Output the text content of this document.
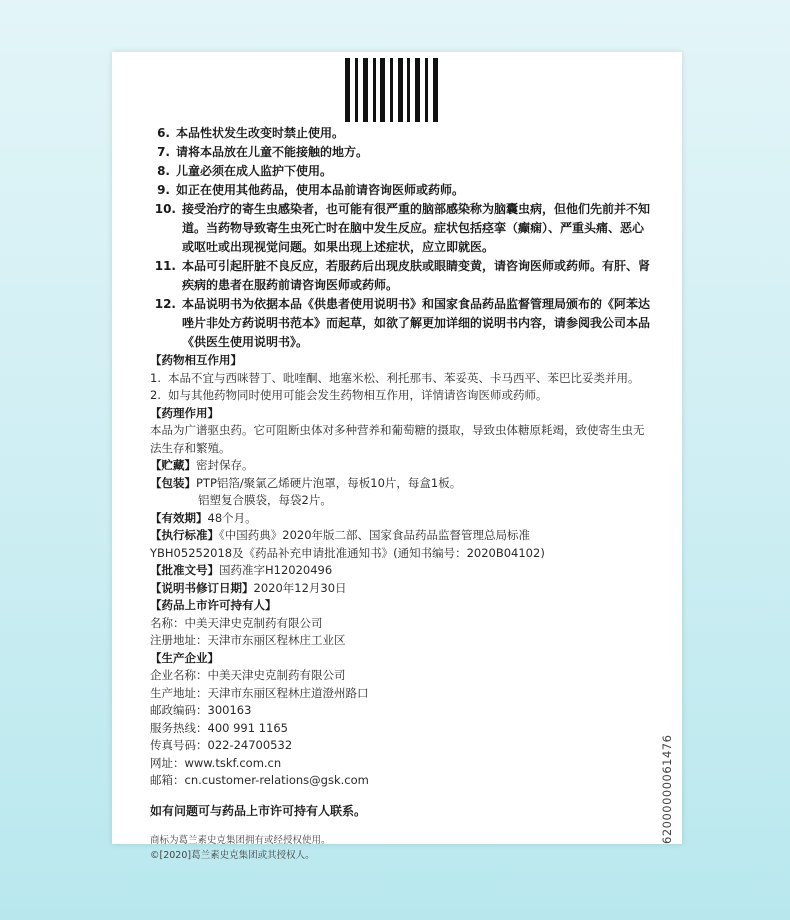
62000000061476
6. 本品性状发生改变时禁止使用。
7. 请将本品放在儿童不能接触的地方。
8. 儿童必须在成人监护下使用。
9. 如正在使用其他药品，使用本品前请咨询医师或药师。
10. 接受治疗的寄生虫感染者，也可能有很严重的脑部感染称为脑囊虫病，但他们先前并不知道。当药物导致寄生虫死亡时在脑中发生反应。症状包括痉挛（癫痫）、严重头痛、恶心或呕吐或出现视觉问题。如果出现上述症状，应立即就医。
11. 本品可引起肝脏不良反应，若服药后出现皮肤或眼睛变黄，请咨询医师或药师。有肝、肾疾病的患者在服药前请咨询医师或药师。
12. 本品说明书为依据本品《供患者使用说明书》和国家食品药品监督管理局颁布的《阿苯达唑片非处方药说明书范本》而起草，如欲了解更加详细的说明书内容，请参阅我公司本品《供医生使用说明书》。
【药物相互作用】
1. 本品不宜与西咪替丁、吡喹酮、地塞米松、利托那韦、苯妥英、卡马西平、苯巴比妥类并用。
2. 如与其他药物同时使用可能会发生药物相互作用，详情请咨询医师或药师。
【药理作用】
本品为广谱驱虫药。它可阻断虫体对多种营养和葡萄糖的摄取，导致虫体糖原耗竭，致使寄生虫无法生存和繁殖。
【贮藏】密封保存。
【包装】PTP铝箔/聚氯乙烯硬片泡罩，每板10片，每盒1板。
铝塑复合膜袋，每袋2片。
【有效期】48个月。
【执行标准】《中国药典》2020年版二部、国家食品药品监督管理总局标准
YBH05252018及《药品补充申请批准通知书》(通知书编号：2020B04102)
【批准文号】国药准字H12020496
【说明书修订日期】2020年12月30日
【药品上市许可持有人】
名称：中美天津史克制药有限公司
注册地址：天津市东丽区程林庄工业区
【生产企业】
企业名称：中美天津史克制药有限公司
生产地址：天津市东丽区程林庄道澄州路口
邮政编码：300163
服务热线：400 991 1165
传真号码：022-24700532
网址：www.tskf.com.cn
邮箱：cn.customer-relations@gsk.com
如有问题可与药品上市许可持有人联系。
商标为葛兰素史克集团拥有或经授权使用。
©[2020]葛兰素史克集团或其授权人。
